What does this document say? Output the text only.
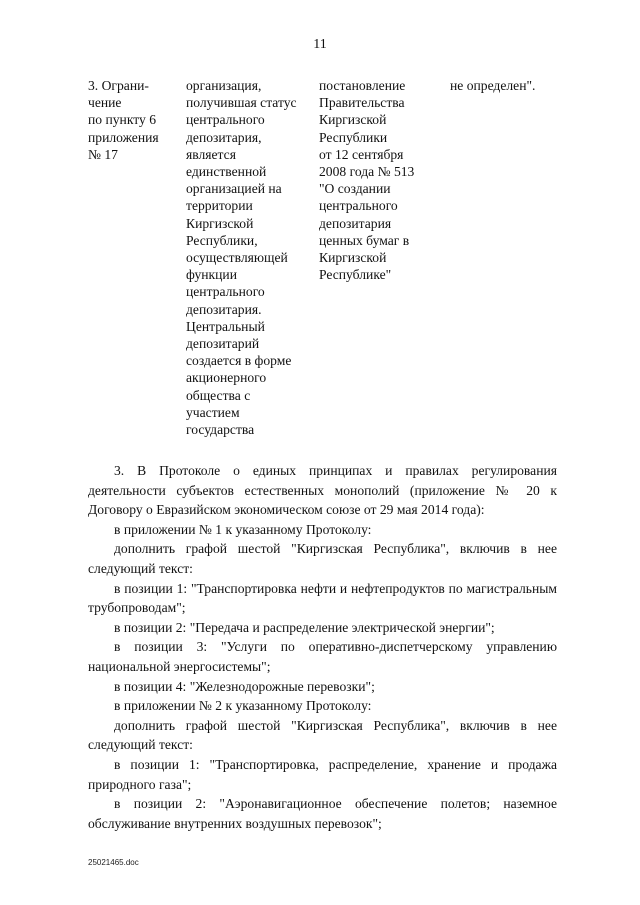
11
3. Ограни-
чение
по пункту 6
приложения
№ 17
организация,
получившая статус
центрального
депозитария,
является
единственной
организацией на
территории
Киргизской
Республики,
осуществляющей
функции
центрального
депозитария.
Центральный
депозитарий
создается в форме
акционерного
общества с
участием
государства
постановление
Правительства
Киргизской
Республики
от 12 сентября
2008 года № 513
"О создании
центрального
депозитария
ценных бумаг в
Киргизской
Республике"
не определен".

3. В Протоколе о единых принципах и правилах регулирования деятельности субъектов естественных монополий (приложение № 20 к Договору о Евразийском экономическом союзе от 29 мая 2014 года):

в приложении № 1 к указанному Протоколу:

дополнить графой шестой "Киргизская Республика", включив в нее следующий текст:

в позиции 1: "Транспортировка нефти и нефтепродуктов по магистральным трубопроводам";

в позиции 2: "Передача и распределение электрической энергии";

в позиции 3: "Услуги по оперативно-диспетчерскому управлению национальной энергосистемы";

в позиции 4: "Железнодорожные перевозки";

в приложении № 2 к указанному Протоколу:

дополнить графой шестой "Киргизская Республика", включив в нее следующий текст:

в позиции 1: "Транспортировка, распределение, хранение и продажа природного газа";

в позиции 2: "Аэронавигационное обеспечение полетов; наземное обслуживание внутренних воздушных перевозок";

25021465.doc
